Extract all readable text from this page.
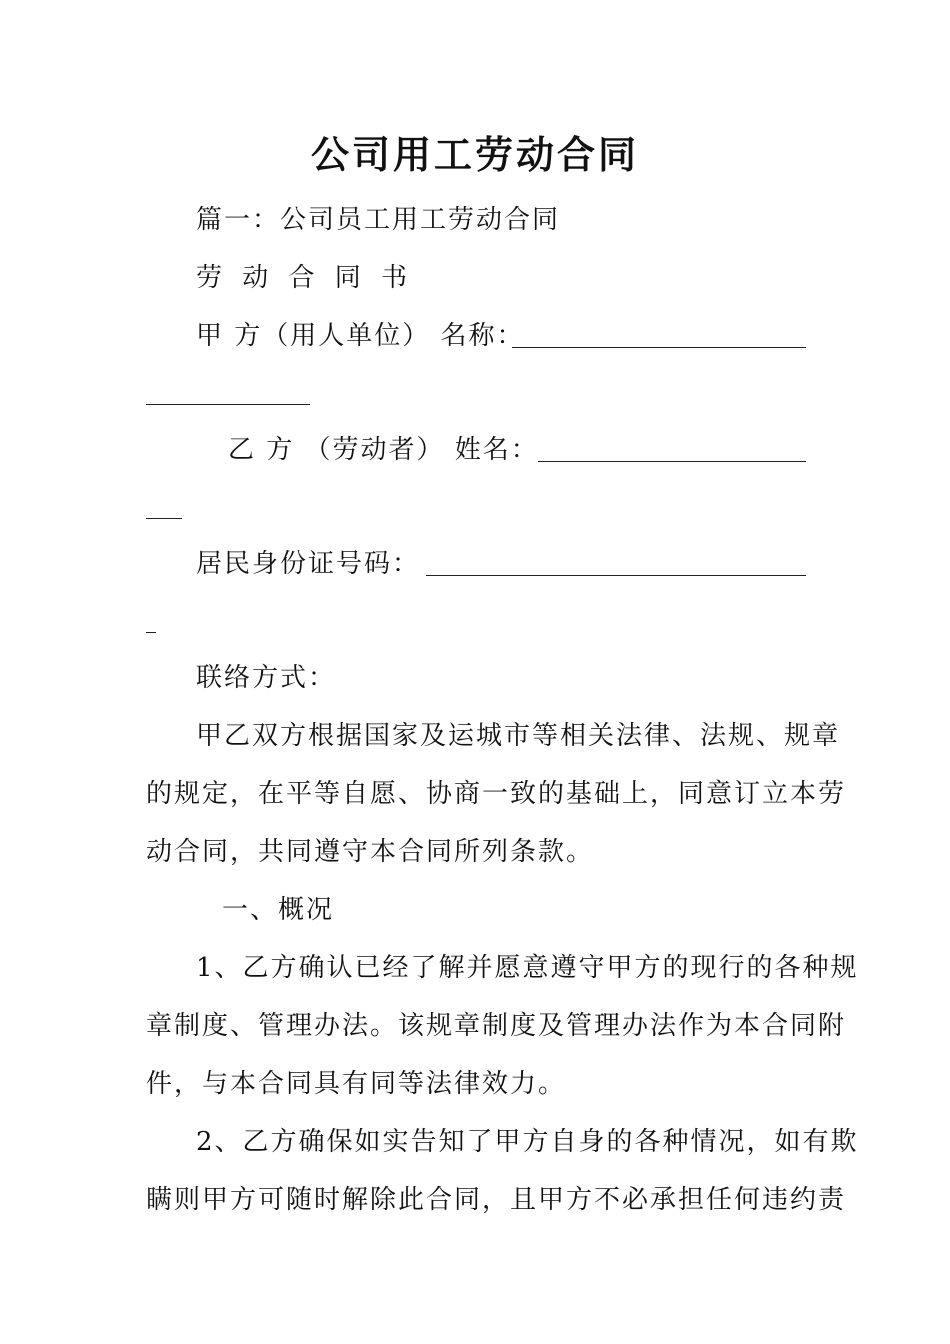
公司用工劳动合同
篇一：公司员工用工劳动合同
劳 动 合 同 书
甲 方（用人单位） 名称：
乙 方 （劳动者） 姓名：
居民身份证号码：
联络方式：
甲乙双方根据国家及运城市等相关法律、法规、规章
的规定，在平等自愿、协商一致的基础上，同意订立本劳
动合同，共同遵守本合同所列条款。
一、概况
1、乙方确认已经了解并愿意遵守甲方的现行的各种规
章制度、管理办法。该规章制度及管理办法作为本合同附
件，与本合同具有同等法律效力。
2、乙方确保如实告知了甲方自身的各种情况，如有欺
瞒则甲方可随时解除此合同，且甲方不必承担任何违约责
